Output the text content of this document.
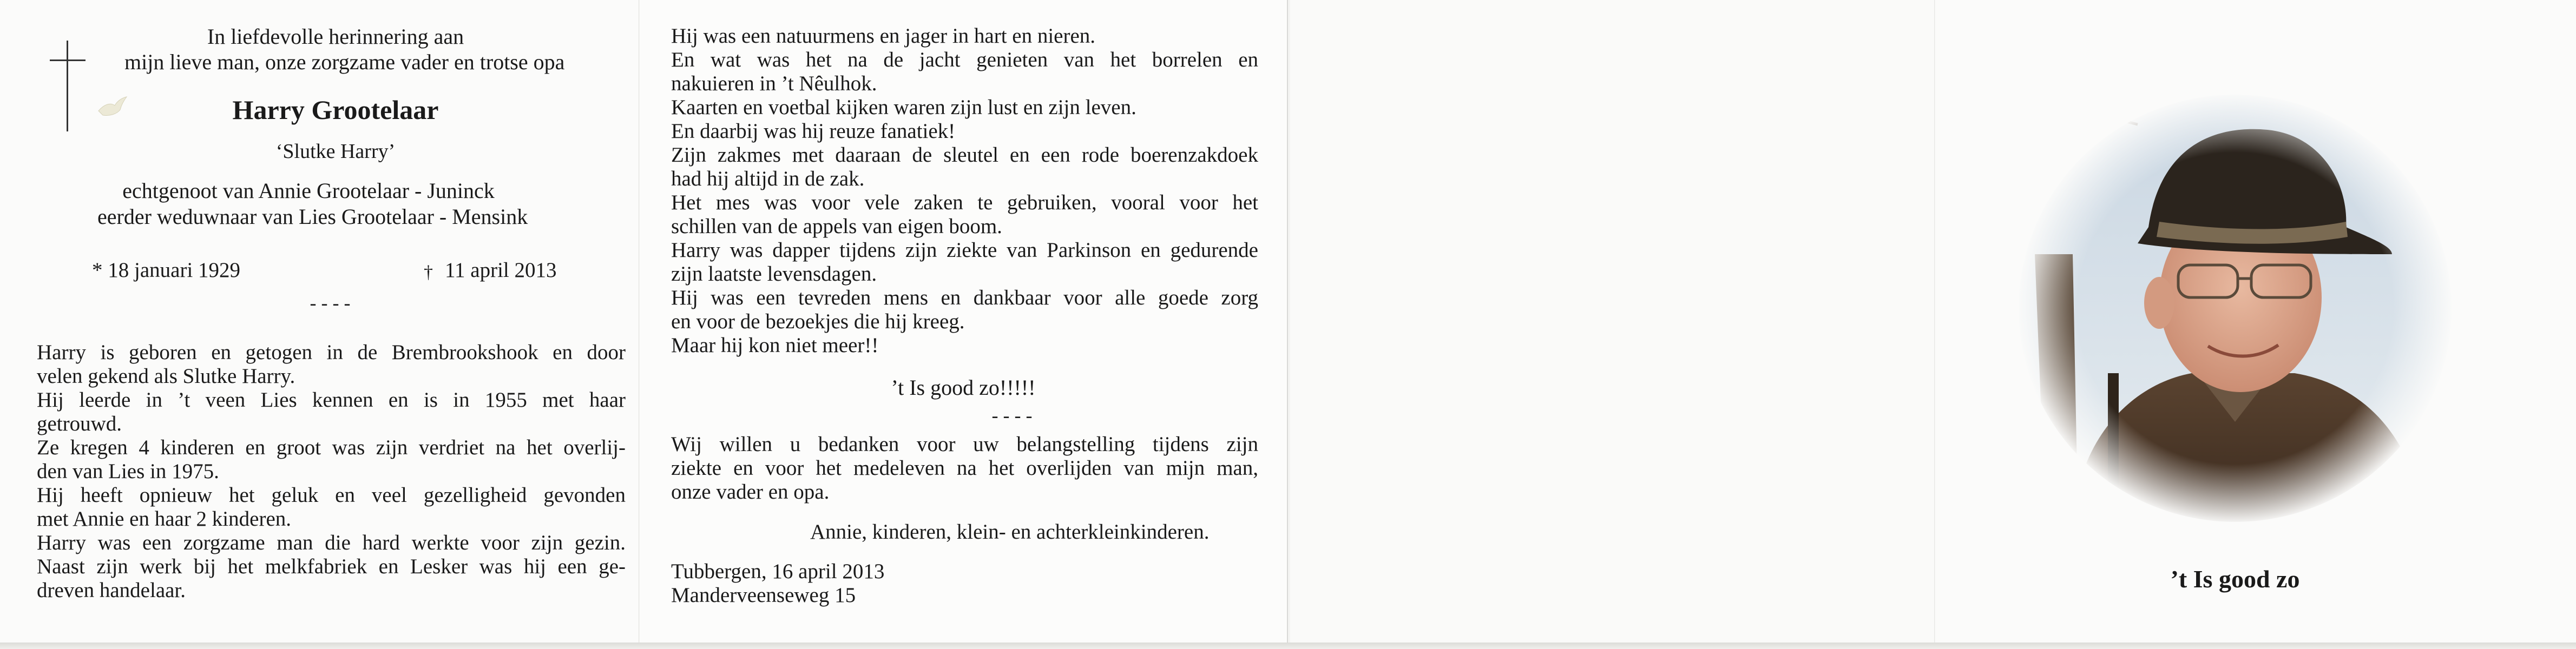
In liefdevolle herinnering aan
mijn lieve man, onze zorgzame vader en trotse opa
Harry Grootelaar
‘Slutke Harry’
echtgenoot van Annie Grootelaar - Juninck
eerder weduwnaar van Lies Grootelaar - Mensink
* 18 januari 1929	† 11 april 2013
- - - -
Harry is geboren en getogen in de Brembrookshook en door
velen gekend als Slutke Harry.
Hij leerde in ’t veen Lies kennen en is in 1955 met haar
getrouwd.
Ze kregen 4 kinderen en groot was zijn verdriet na het overlij-
den van Lies in 1975.
Hij heeft opnieuw het geluk en veel gezelligheid gevonden
met Annie en haar 2 kinderen.
Harry was een zorgzame man die hard werkte voor zijn gezin.
Naast zijn werk bij het melkfabriek en Lesker was hij een ge-
dreven handelaar.
Hij was een natuurmens en jager in hart en nieren.
En wat was het na de jacht genieten van het borrelen en
nakuieren in ’t Nêulhok.
Kaarten en voetbal kijken waren zijn lust en zijn leven.
En daarbij was hij reuze fanatiek!
Zijn zakmes met daaraan de sleutel en een rode boerenzakdoek
had hij altijd in de zak.
Het mes was voor vele zaken te gebruiken, vooral voor het
schillen van de appels van eigen boom.
Harry was dapper tijdens zijn ziekte van Parkinson en gedurende
zijn laatste levensdagen.
Hij was een tevreden mens en dankbaar voor alle goede zorg
en voor de bezoekjes die hij kreeg.
Maar hij kon niet meer!!
’t Is good zo!!!!!
- - - -
Wij willen u bedanken voor uw belangstelling tijdens zijn
ziekte en voor het medeleven na het overlijden van mijn man,
onze vader en opa.
Annie, kinderen, klein- en achterkleinkinderen.
Tubbergen, 16 april 2013
Manderveenseweg 15
’t Is good zo
